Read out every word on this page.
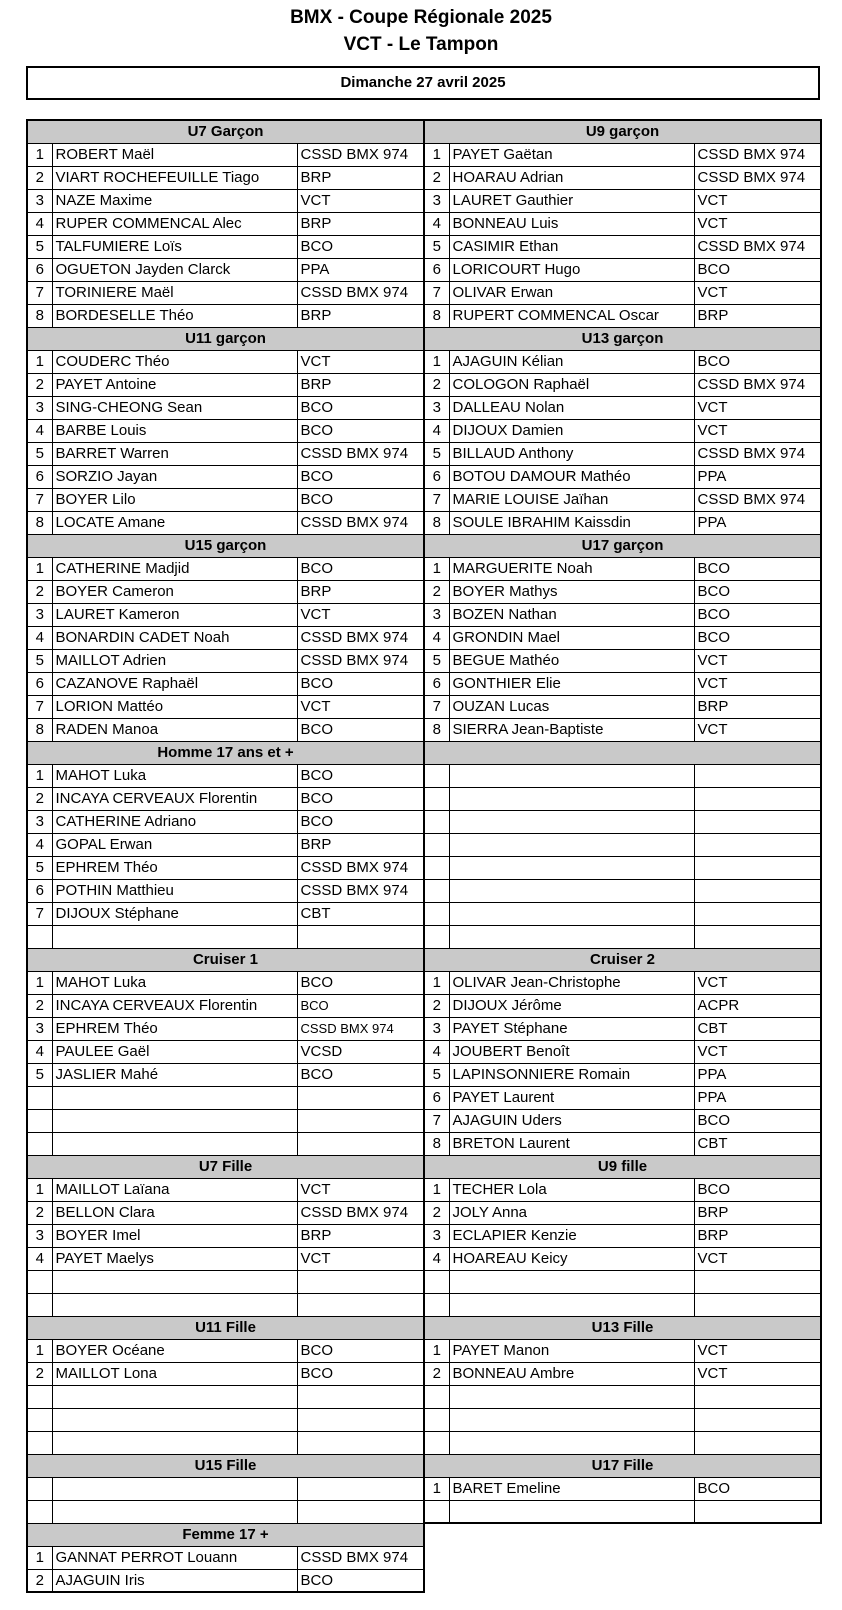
BMX - Coupe Régionale 2025
VCT - Le Tampon
Dimanche 27 avril 2025
U7 Garçon		
1	ROBERT Maël	CSSD BMX 974
2	VIART ROCHEFEUILLE Tiago	BRP
3	NAZE Maxime	VCT
4	RUPER COMMENCAL Alec	BRP
5	TALFUMIERE Loïs	BCO
6	OGUETON Jayden Clarck	PPA
7	TORINIERE Maël	CSSD BMX 974
8	BORDESELLE Théo	BRP
U11 garçon		
1	COUDERC Théo	VCT
2	PAYET Antoine	BRP
3	SING-CHEONG Sean	BCO
4	BARBE Louis	BCO
5	BARRET Warren	CSSD BMX 974
6	SORZIO Jayan	BCO
7	BOYER Lilo	BCO
8	LOCATE Amane	CSSD BMX 974
U15 garçon		
1	CATHERINE Madjid	BCO
2	BOYER Cameron	BRP
3	LAURET Kameron	VCT
4	BONARDIN CADET Noah	CSSD BMX 974
5	MAILLOT Adrien	CSSD BMX 974
6	CAZANOVE Raphaël	BCO
7	LORION Mattéo	VCT
8	RADEN Manoa	BCO
Homme 17 ans et +		
1	MAHOT Luka	BCO
2	INCAYA CERVEAUX Florentin	BCO
3	CATHERINE Adriano	BCO
4	GOPAL Erwan	BRP
5	EPHREM Théo	CSSD BMX 974
6	POTHIN Matthieu	CSSD BMX 974
7	DIJOUX Stéphane	CBT

Cruiser 1		
1	MAHOT Luka	BCO
2	INCAYA CERVEAUX Florentin	BCO
3	EPHREM Théo	CSSD BMX 974
4	PAULEE Gaël	VCSD
5	JASLIER Mahé	BCO

U7 Fille		
1	MAILLOT Laïana	VCT
2	BELLON Clara	CSSD BMX 974
3	BOYER Imel	BRP
4	PAYET Maelys	VCT

U11 Fille		
1	BOYER Océane	BCO
2	MAILLOT Lona	BCO

U15 Fille		

Femme 17 +		
1	GANNAT PERROT Louann	CSSD BMX 974
2	AJAGUIN Iris	BCO
U9 garçon		
1	PAYET Gaëtan	CSSD BMX 974
2	HOARAU Adrian	CSSD BMX 974
3	LAURET Gauthier	VCT
4	BONNEAU Luis	VCT
5	CASIMIR Ethan	CSSD BMX 974
6	LORICOURT Hugo	BCO
7	OLIVAR Erwan	VCT
8	RUPERT COMMENCAL Oscar	BRP
U13 garçon		
1	AJAGUIN Kélian	BCO
2	COLOGON Raphaël	CSSD BMX 974
3	DALLEAU Nolan	VCT
4	DIJOUX Damien	VCT
5	BILLAUD Anthony	CSSD BMX 974
6	BOTOU DAMOUR Mathéo	PPA
7	MARIE LOUISE Jaïhan	CSSD BMX 974
8	SOULE IBRAHIM Kaissdin	PPA
U17 garçon		
1	MARGUERITE Noah	BCO
2	BOYER Mathys	BCO
3	BOZEN Nathan	BCO
4	GRONDIN Mael	BCO
5	BEGUE Mathéo	VCT
6	GONTHIER Elie	VCT
7	OUZAN Lucas	BRP
8	SIERRA Jean-Baptiste	VCT

Cruiser 2		
1	OLIVAR Jean-Christophe	VCT
2	DIJOUX Jérôme	ACPR
3	PAYET Stéphane	CBT
4	JOUBERT Benoît	VCT
5	LAPINSONNIERE Romain	PPA
6	PAYET Laurent	PPA
7	AJAGUIN Uders	BCO
8	BRETON Laurent	CBT
U9 fille		
1	TECHER Lola	BCO
2	JOLY Anna	BRP
3	ECLAPIER Kenzie	BRP
4	HOAREAU Keicy	VCT

U13 Fille		
1	PAYET Manon	VCT
2	BONNEAU Ambre	VCT

U17 Fille		
1	BARET Emeline	BCO
